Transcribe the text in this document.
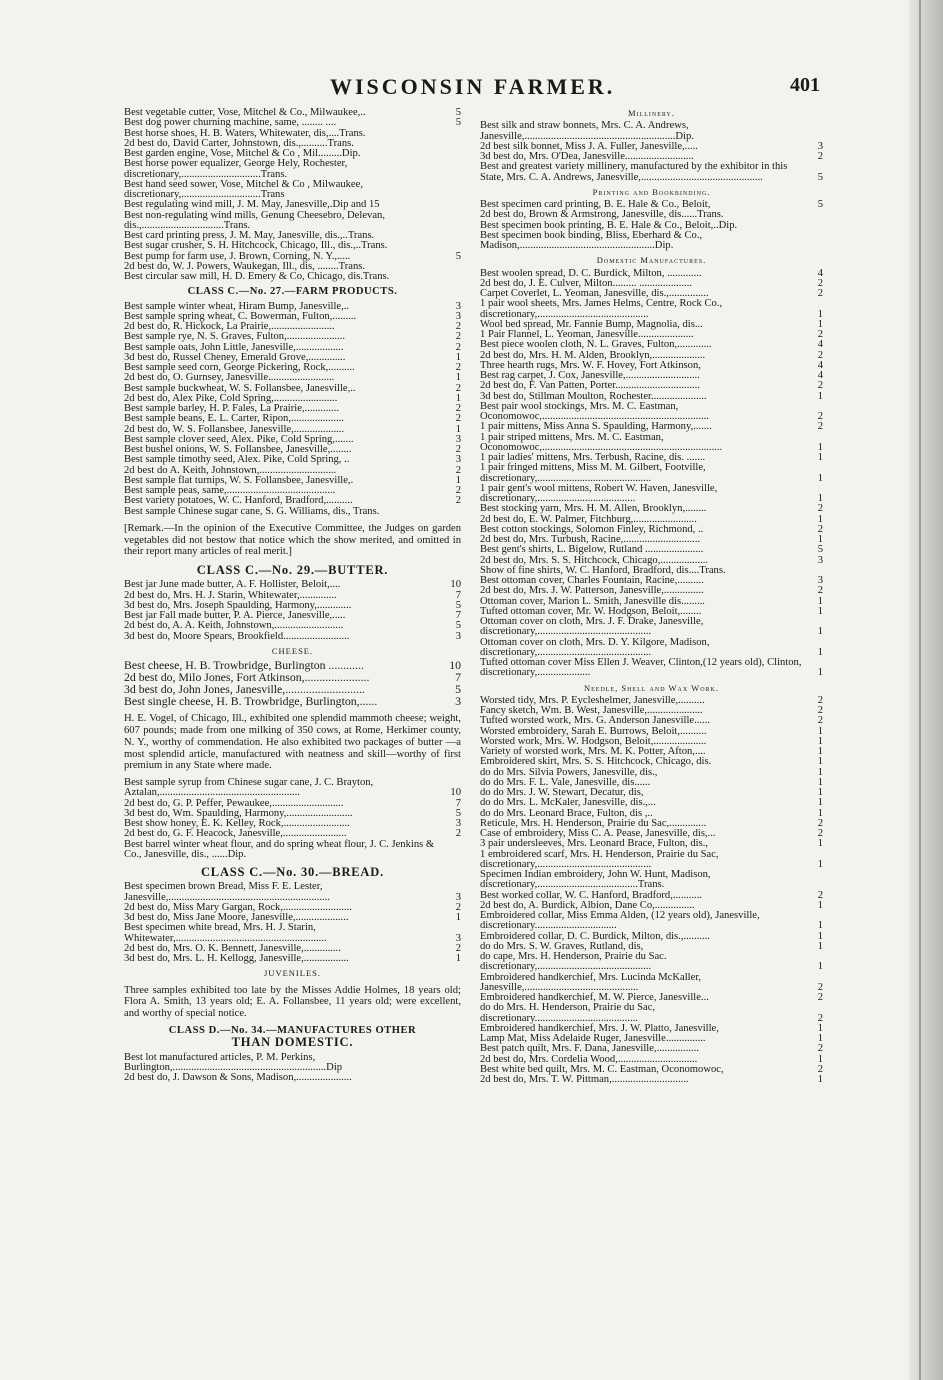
WISCONSIN FARMER.	401
Best vegetable cutter, Vose, Mitchel & Co., Milwaukee,..	5
Best dog power churning machine, same, ........ ....	5
Best horse shoes, H. B. Waters, Whitewater, dis,....Trans.
2d best do, David Carter, Johnstown, dis.,..........Trans.
Best garden engine, Vose, Mitchel & Co , Mil.........Dip.
Best horse power equalizer, George Hely, Rochester, discretionary,..............................Trans.
Best hand seed sower, Vose, Mitchel & Co , Milwaukee, discretionary,..............................Trans
Best regulating wind mill, J. M. May, Janesville,.Dip and 15
Best non-regulating wind mills, Genung Cheesebro, Delevan, dis.,...............................Trans.
Best card printing press, J. M. May, Janesville, dis.,..Trans.
Best sugar crusher, S. H. Hitchcock, Chicago, Ill., dis.,..Trans.
Best pump for farm use, J. Brown, Corning, N. Y.,.....	5
2d best do, W. J. Powers, Waukegan, Ill., dis, ........Trans.
Best circular saw mill, H. D. Emery & Co, Chicago, dis.Trans.
CLASS C.—No. 27.—FARM PRODUCTS.
Best sample winter wheat, Hiram Bump, Janesville,..	3
Best sample spring wheat, C. Bowerman, Fulton,.........	3
2d best do, R. Hickock, La Prairie,........................	2
Best sample rye, N. S. Graves, Fulton,......................	2
Best sample oats, John Little, Janesville,..................	2
3d best do, Russel Cheney, Emerald Grove,..............	1
Best sample seed corn, George Pickering, Rock,..........	2
2d best do, O. Gurnsey, Janesville.........................	1
Best sample buckwheat, W. S. Follansbee, Janesville,..	2
2d best do, Alex Pike, Cold Spring,........................	1
Best sample barley, H. P. Fales, La Prairie,.............	2
Best sample beans, E. L. Carter, Ripon,....................	2
2d best do, W. S. Follansbee, Janesville,...................	1
Best sample clover seed, Alex. Pike, Cold Spring,.......	3
Best bushel onions, W. S. Follansbee, Janesville,........	2
Best sample timothy seed, Alex. Pike, Cold Spring, ..	3
2d best do A. Keith, Johnstown,.............................	2
Best sample flat turnips, W. S. Follansbee, Janesville,.	1
Best sample peas, same,.........................................	2
Best variety potatoes, W. C. Hanford, Bradford,..........	2
Best sample Chinese sugar cane, S. G. Williams, dis., Trans.
[Remark.—In the opinion of the Executive Committee, the Judges on garden vegetables did not bestow that notice which the show merited, and omitted in their report many articles of real merit.]
CLASS C.—No. 29.—BUTTER.
Best jar June made butter, A. F. Hollister, Beloit,....	10
2d best do, Mrs. H. J. Starin, Whitewater,..............	7
3d best do, Mrs. Joseph Spaulding, Harmony,.............	5
Best jar Fall made butter, P. A. Pierce, Janesville,.....	7
2d best do, A. A. Keith, Johnstown,..........................	5
3d best do, Moore Spears, Brookfield.........................	3
CHEESE.
Best cheese, H. B. Trowbridge, Burlington ............	10
2d best do, Milo Jones, Fort Atkinson,......................	7
3d best do, John Jones, Janesville,...........................	5
Best single cheese, H. B. Trowbridge, Burlington,......	3
H. E. Vogel, of Chicago, Ill., exhibited one splendid mammoth cheese; weight, 607 pounds; made from one milking of 350 cows, at Rome, Herkimer county, N. Y., worthy of commendation. He also exhibited two packages of butter —a most splendid article, manufactured with neatness and skill—worthy of first premium in any State where made.
Best sample syrup from Chinese sugar cane, J. C. Brayton, Aztalan,.....................................................	10
2d best do, G. P. Peffer, Pewaukee,...........................	7
3d best do, Wm. Spaulding, Harmony,.........................	5
Best show honey, E. K. Kelley, Rock,.........................	3
2d best do, G. F. Heacock, Janesville,........................	2
Best barrel winter wheat flour, and do spring wheat flour, J. C. Jenkins & Co., Janesville, dis., ......Dip.
CLASS C.—No. 30.—BREAD.
Best specimen brown Bread, Miss F. E. Lester, Janesville,.............................................................	3
2d best do, Miss Mary Gargan, Rock,..........................	2
3d best do, Miss Jane Moore, Janesville,....................	1
Best specimen white bread, Mrs. H. J. Starin, Whitewater,.........................................................	3
2d best do, Mrs. O. K. Bennett, Janesville,..............	2
3d best do, Mrs. L. H. Kellogg, Janesville,.................	1
JUVENILES.
Three samples exhibited too late by the Misses Addie Holmes, 18 years old; Flora A. Smith, 13 years old; E. A. Follansbee, 11 years old; were excellent, and worthy of special notice.
CLASS D.—No. 34.—MANUFACTURES OTHER
THAN DOMESTIC.
Best lot manufactured articles, P. M. Perkins, Burlington,..........................................................Dip
2d best do, J. Dawson & Sons, Madison,.....................
Millinery.
Best silk and straw bonnets, Mrs. C. A. Andrews, Janesville,.........................................................Dip.
2d best silk bonnet, Miss J. A. Fuller, Janesville,.....	3
3d best do, Mrs. O'Dea, Janesville..........................	2
Best and greatest variety millinery, manufactured by the exhibitor in this State, Mrs. C. A. Andrews, Janesville,..............................................	5
Printing and Bookbinding.
Best specimen card printing, B. E. Hale & Co., Beloit,	5
2d best do, Brown & Armstrong, Janesville, dis......Trans.
Best specimen book printing, B. E. Hale & Co., Beloit,..Dip.
Best specimen book binding, Bliss, Eberhard & Co., Madison,...................................................Dip.
Domestic Manufactures.
Best woolen spread, D. C. Burdick, Milton, .............	4
2d best do, J. E. Culver, Milton......... ....................	2
Carpet Coverlet, L. Yeoman, Janesville, dis.,...............	2
1 pair wool sheets, Mrs. James Helms, Centre, Rock Co., discretionary,..........................................	1
Wool bed spread, Mr. Fannie Bump, Magnolia, dis...	1
1 Pair Flannel, L. Yeoman, Janesville.....................	2
Best piece woolen cloth, N. L. Graves, Fulton,.............	4
2d best do, Mrs. H. M. Alden, Brooklyn,....................	2
Three hearth rugs, Mrs. W. F. Hovey, Fort Atkinson,	4
Best rag carpet, J. Cox, Janesville,............................	4
2d best do, F. Van Patten, Porter................................	2
3d best do, Stillman Moulton, Rochester.....................	1
Best pair wool stockings, Mrs. M. C. Eastman, Oconomowoc,...............................................................	2
1 pair mittens, Miss Anna S. Spaulding, Harmony,.......	2
1 pair striped mittens, Mrs. M. C. Eastman, Oconomowoc,....................................................................	1
1 pair ladies' mittens, Mrs. Terbush, Racine, dis. .......	1
1 pair fringed mittens, Miss M. M. Gilbert, Footville, discretionary,...........................................	1
1 pair gent's wool mittens, Robert W. Haven, Janesville, discretionary,.....................................	1
Best stocking yarn, Mrs. H. M. Allen, Brooklyn,........	2
2d best do, E. W. Palmer, Fitchburg,........................	1
Best cotton stockings, Solomon Finley, Richmond, ..	2
2d best do, Mrs. Turbush, Racine,.............................	1
Best gent's shirts, L. Bigelow, Rutland ......................	5
2d best do, Mrs. S. S. Hitchcock, Chicago,..................	3
Show of fine shirts, W. C. Hanford, Bradford, dis....Trans.
Best ottoman cover, Charles Fountain, Racine,..........	3
2d best do, Mrs. J. W. Patterson, Janesville,...............	2
Ottoman cover, Marion L. Smith, Janesville dis.........	1
Tufted ottoman cover, Mr. W. Hodgson, Beloit,........	1
Ottoman cover on cloth, Mrs. J. F. Drake, Janesville, discretionary,...........................................	1
Ottoman cover on cloth, Mrs. D. Y. Kilgore, Madison, discretionary,...........................................	1
Tufted ottoman cover Miss Ellen J. Weaver, Clinton,(12 years old), Clinton, discretionary,....................	1
Needle, Shell and Wax Work.
Worsted tidy, Mrs. P. Eycleshelmer, Janesville,..........	2
Fancy sketch, Wm. B. West, Janesville,.....................	2
Tufted worsted work, Mrs. G. Anderson Janesville......	2
Worsted embroidery, Sarah E. Burrows, Beloit,..........	1
Worsted work, Mrs. W. Hodgson, Beloit,....................	1
Variety of worsted work, Mrs. M. K. Potter, Afton,....	1
Embroidered skirt, Mrs. S. S. Hitchcock, Chicago, dis.	1
do do Mrs. Silvia Powers, Janesville, dis.,	1
do do Mrs. F. L. Vale, Janesville, dis......	1
do do Mrs. J. W. Stewart, Decatur, dis,	1
do do Mrs. L. McKaler, Janesville, dis.,...	1
do do Mrs. Leonard Brace, Fulton, dis ,..	1
Reticule, Mrs. H. Henderson, Prairie du Sac,..............	2
Case of embroidery, Miss C. A. Pease, Janesville, dis,...	2
3 pair undersleeves, Mrs. Leonard Brace, Fulton, dis.,	1
1 embroidered scarf, Mrs. H. Henderson, Prairie du Sac, discretionary,...........................................	1
Specimen Indian embroidery, John W. Hunt, Madison, discretionary,......................................Trans.
Best worked collar, W. C. Hanford, Bradford,...........	2
2d best do, A. Burdick, Albion, Dane Co,...............	1
Embroidered collar, Miss Emma Alden, (12 years old), Janesville, discretionary...............................	1
Embroidered collar, D. C. Burdick, Milton, dis.,..........	1
do do Mrs. S. W. Graves, Rutland, dis,	1
do cape, Mrs. H. Henderson, Prairie du Sac. discretionary,...........................................	1
Embroidered handkerchief, Mrs. Lucinda McKaller, Janesville,...........................................	2
Embroidered handkerchief, M. W. Pierce, Janesville...	2
do do Mrs. H. Henderson, Prairie du Sac, discretionary.......................................	2
Embroidered handkerchief, Mrs. J. W. Platto, Janesville,	1
Lamp Mat, Miss Adelaide Ruger, Janesville...............	1
Best patch quilt, Mrs. F. Dana, Janesville,................	2
2d best do, Mrs. Cordelia Wood,..............................	1
Best white bed quilt, Mrs. M. C. Eastman, Oconomowoc,	2
2d best do, Mrs. T. W. Pittman,.............................	1
